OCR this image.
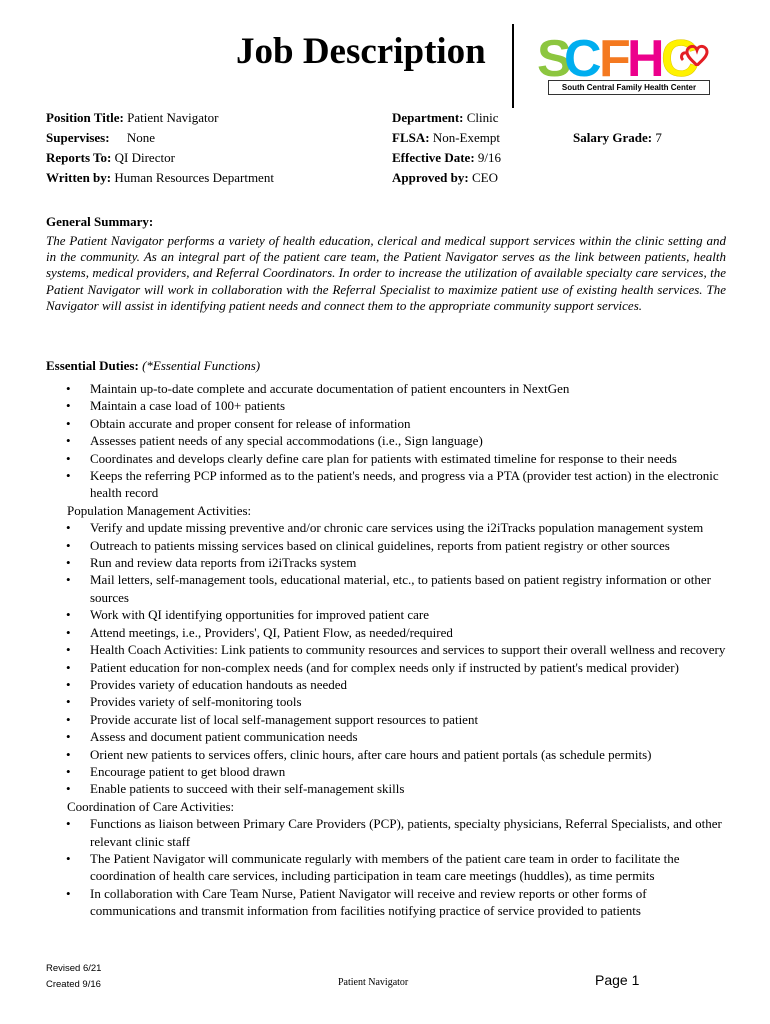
Job Description S
C
F
H
C
South Central Family Health Center
Position Title: Patient Navigator
Supervises: None
Reports To: QI Director
Written by: Human Resources Department
Department: Clinic
FLSA: Non-Exempt
Effective Date: 9/16
Approved by: CEO
Salary Grade: 7
General Summary:

The Patient Navigator performs a variety of health education, clerical and medical support services within the clinic setting and in the community. As an integral part of the patient care team, the Patient Navigator serves as the link between patients, health systems, medical providers, and Referral Coordinators. In order to increase the utilization of available specialty care services, the Patient Navigator will work in collaboration with the Referral Specialist to maximize patient use of existing health services. The Navigator will assist in identifying patient needs and connect them to the appropriate community support services.

Essential Duties: (*Essential Functions)
• Maintain up-to-date complete and accurate documentation of patient encounters in NextGen
• Maintain a case load of 100+ patients
• Obtain accurate and proper consent for release of information
• Assesses patient needs of any special accommodations (i.e., Sign language)
• Coordinates and develops clearly define care plan for patients with estimated timeline for response to their needs
• Keeps the referring PCP informed as to the patient's needs, and progress via a PTA (provider test action) in the electronic health record
Population Management Activities:
• Verify and update missing preventive and/or chronic care services using the i2iTracks population management system
• Outreach to patients missing services based on clinical guidelines, reports from patient registry or other sources
• Run and review data reports from i2iTracks system
• Mail letters, self-management tools, educational material, etc., to patients based on patient registry information or other sources
• Work with QI identifying opportunities for improved patient care
• Attend meetings, i.e., Providers', QI, Patient Flow, as needed/required
• Health Coach Activities: Link patients to community resources and services to support their overall wellness and recovery
• Patient education for non-complex needs (and for complex needs only if instructed by patient's medical provider)
• Provides variety of education handouts as needed
• Provides variety of self-monitoring tools
• Provide accurate list of local self-management support resources to patient
• Assess and document patient communication needs
• Orient new patients to services offers, clinic hours, after care hours and patient portals (as schedule permits)
• Encourage patient to get blood drawn
• Enable patients to succeed with their self-management skills
Coordination of Care Activities:
• Functions as liaison between Primary Care Providers (PCP), patients, specialty physicians, Referral Specialists, and other relevant clinic staff
• The Patient Navigator will communicate regularly with members of the patient care team in order to facilitate the coordination of health care services, including participation in team care meetings (huddles), as time permits
• In collaboration with Care Team Nurse, Patient Navigator will receive and review reports or other forms of communications and transmit information from facilities notifying practice of service provided to patients
Revised 6/21
Created 9/16	Patient Navigator	Page 1
